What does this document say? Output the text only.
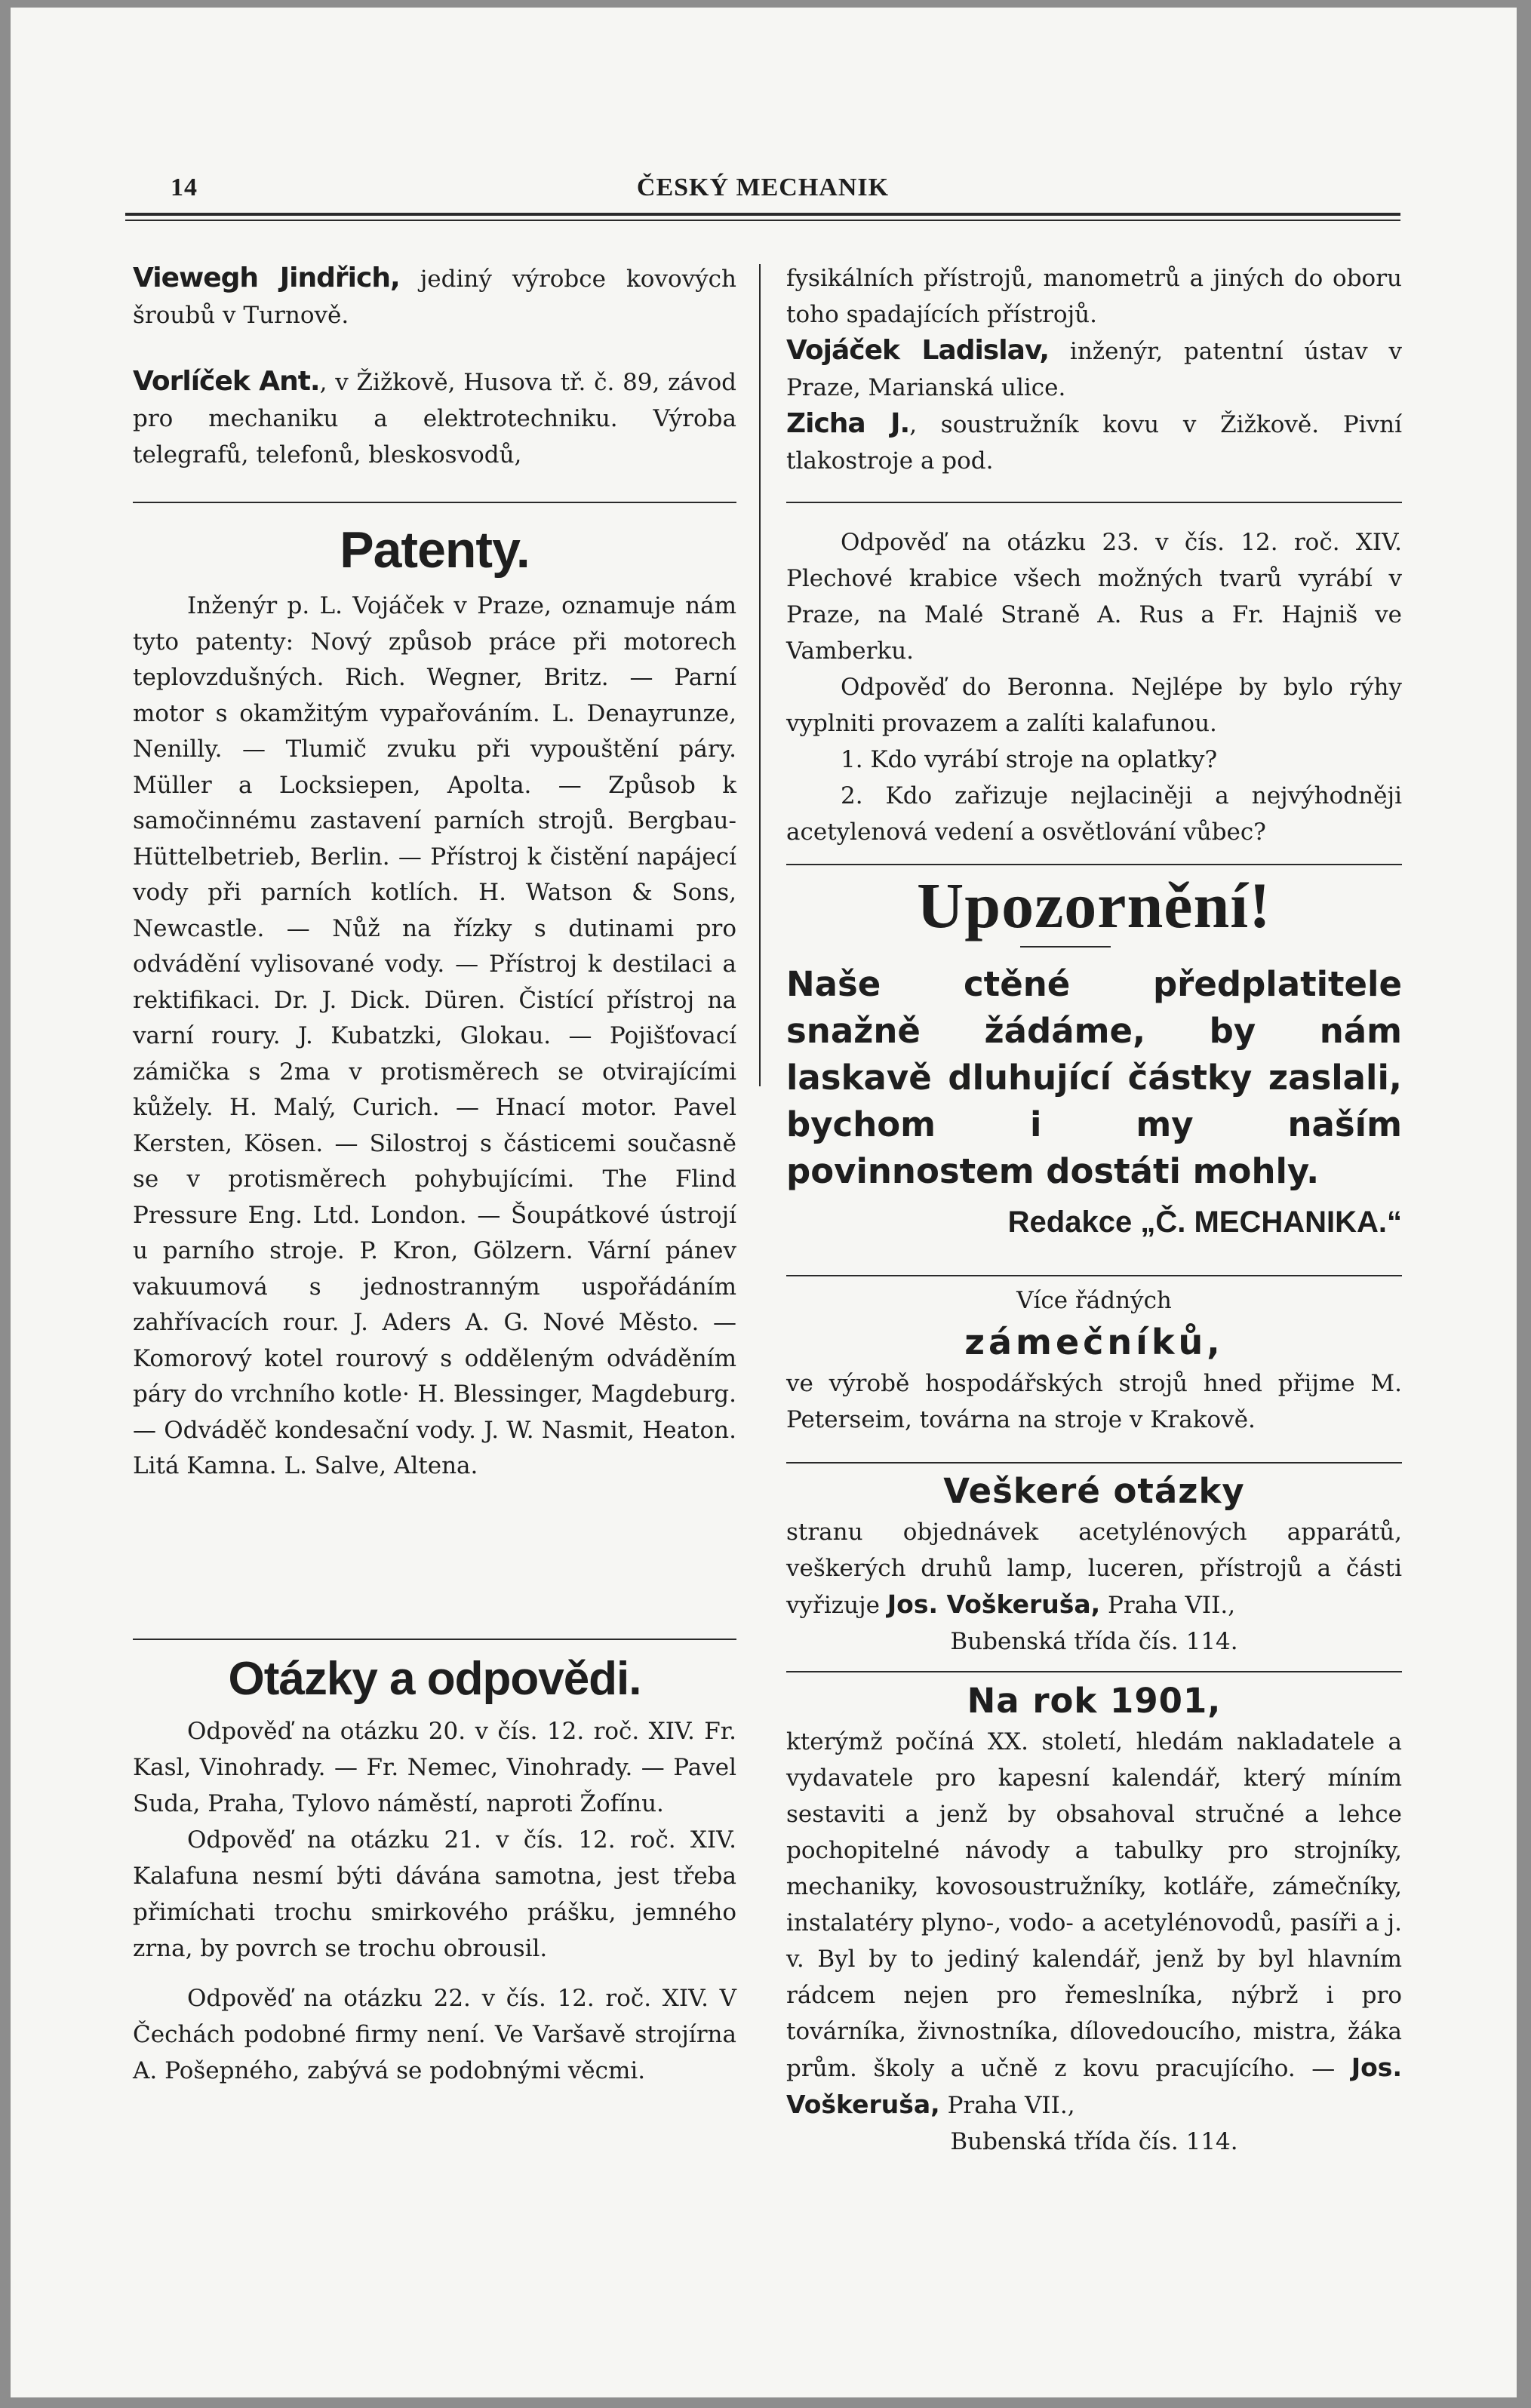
14	ČESKÝ MECHANIK

Viewegh Jindřich, jediný výrobce kovových šroubů v Turnově.

Vorlíček Ant., v Žižkově, Husova tř. č. 89, závod pro mechaniku a elektrotechniku. Výroba telegrafů, telefonů, bleskosvodů,

fysikálních přístrojů, manometrů a jiných do oboru toho spadajících přístrojů.

Vojáček Ladislav, inženýr, patentní ústav v Praze, Marianská ulice.

Zicha J., soustružník kovu v Žižkově. Pivní tlakostroje a pod.

Patenty.

Inženýr p. L. Vojáček v Praze, oznamuje nám tyto patenty: Nový způsob práce při motorech teplovzdušných. Rich. Wegner, Britz. — Parní motor s okamžitým vypařováním. L. Denayrunze, Nenilly. — Tlumič zvuku při vypouštění páry. Müller a Locksiepen, Apolta. — Způsob k samočinnému zastavení parních strojů. Bergbau-Hüttelbetrieb, Berlin. — Přístroj k čistění napájecí vody při parních kotlích. H. Watson & Sons, Newcastle. — Nůž na řízky s dutinami pro odvádění vylisované vody. — Přístroj k destilaci a rektifikaci. Dr. J. Dick. Düren. Čistící přístroj na varní roury. J. Kubatzki, Glokau. — Pojišťovací zámička s 2ma v protisměrech se otvirajícími kůžely. H. Malý, Curich. — Hnací motor. Pavel Kersten, Kösen. — Silostroj s částicemi současně se v protisměrech pohybujícími. The Flind Pressure Eng. Ltd. London. — Šoupátkové ústrojí u parního stroje. P. Kron, Gölzern. Vární pánev vakuumová s jednostranným uspořádáním zahřívacích rour. J. Aders A. G. Nové Město. — Komorový kotel rourový s odděleným odváděním páry do vrchního kotle· H. Blessinger, Magdeburg. — Odváděč kondesační vody. J. W. Nasmit, Heaton. Litá Kamna. L. Salve, Altena.

Otázky a odpovědi.

Odpověď na otázku 20. v čís. 12. roč. XIV. Fr. Kasl, Vinohrady. — Fr. Nemec, Vinohrady. — Pavel Suda, Praha, Tylovo náměstí, naproti Žofínu.

Odpověď na otázku 21. v čís. 12. roč. XIV. Kalafuna nesmí býti dávána samotna, jest třeba přimíchati trochu smirkového prášku, jemného zrna, by povrch se trochu obrousil.

Odpověď na otázku 22. v čís. 12. roč. XIV. V Čechách podobné firmy není. Ve Varšavě strojírna A. Pošepného, zabývá se podobnými věcmi.

Odpověď na otázku 23. v čís. 12. roč. XIV. Plechové krabice všech možných tvarů vyrábí v Praze, na Malé Straně A. Rus a Fr. Hajniš ve Vamberku.

Odpověď do Beronna. Nejlépe by bylo rýhy vyplniti provazem a zalíti kalafunou.

1. Kdo vyrábí stroje na oplatky?

2. Kdo zařizuje nejlaciněji a nejvýhodněji acetylenová vedení a osvětlování vůbec?

Upozornění!

Naše ctěné předplatitele snažně žádáme, by nám laskavě dluhující částky zaslali, bychom i my naším povinnostem dostáti mohly.

Redakce „Č. MECHANIKA.“

Více řádných

zámečníků,

ve výrobě hospodářských strojů hned přijme M. Peterseim, továrna na stroje v Krakově.

Veškeré otázky

stranu objednávek acetylénových apparátů, veškerých druhů lamp, luceren, přístrojů a části vyřizuje Jos. Voškeruša, Praha VII.,

Bubenská třída čís. 114.

Na rok 1901,

kterýmž počíná XX. století, hledám nakladatele a vydavatele pro kapesní kalendář, který míním sestaviti a jenž by obsahoval stručné a lehce pochopitelné návody a tabulky pro strojníky, mechaniky, kovosoustružníky, kotláře, zámečníky, instalatéry plyno-, vodo- a acetylénovodů, pasíři a j. v. Byl by to jediný kalendář, jenž by byl hlavním rádcem nejen pro řemeslníka, nýbrž i pro továrníka, živnostníka, dílovedoucího, mistra, žáka prům. školy a učně z kovu pracujícího. — Jos. Voškeruša, Praha VII.,

Bubenská třída čís. 114.
